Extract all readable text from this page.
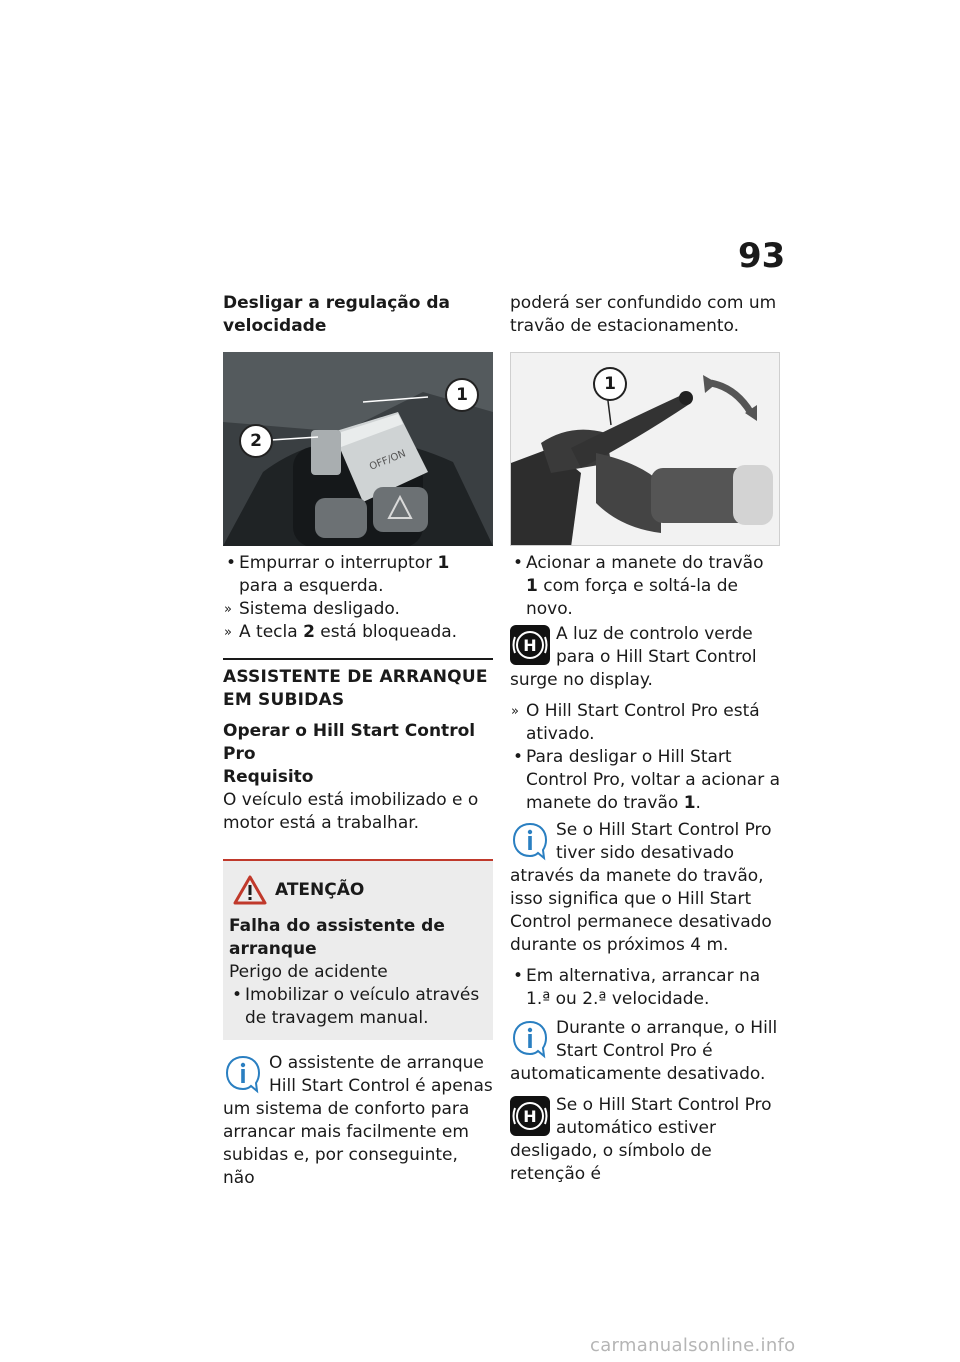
93

Desligar a regulação da velocidade

OFF/ON
1
2
• Empurrar o interruptor 1 para a esquerda.
» Sistema desligado.
» A tecla 2 está bloqueada.

ASSISTENTE DE ARRANQUE EM SUBIDAS

Operar o Hill Start Control Pro

Requisito

O veículo está imobilizado e o motor está a trabalhar.

ATENÇÃO

Falha do assistente de arranque

Perigo de acidente

• Imobilizar o veículo através de travagem manual.
O assistente de arranque Hill Start Control é apenas um sistema de conforto para arrancar mais facilmente em subidas e, por conseguinte, não

poderá ser confundido com um travão de estacionamento.

1
• Acionar a manete do travão 1 com força e soltá-la de novo.
H
A luz de controlo verde para o Hill Start Control surge no display.
» O Hill Start Control Pro está ativado.
• Para desligar o Hill Start Control Pro, voltar a acionar a manete do travão 1.
Se o Hill Start Control Pro tiver sido desativado através da manete do travão, isso significa que o Hill Start Control permanece desativado durante os próximos 4 m.
• Em alternativa, arrancar na 1.ª ou 2.ª velocidade.
Durante o arranque, o Hill Start Control Pro é automaticamente desativado.
H
Se o Hill Start Control Pro automático estiver desligado, o símbolo de retenção é
carmanualsonline.info
